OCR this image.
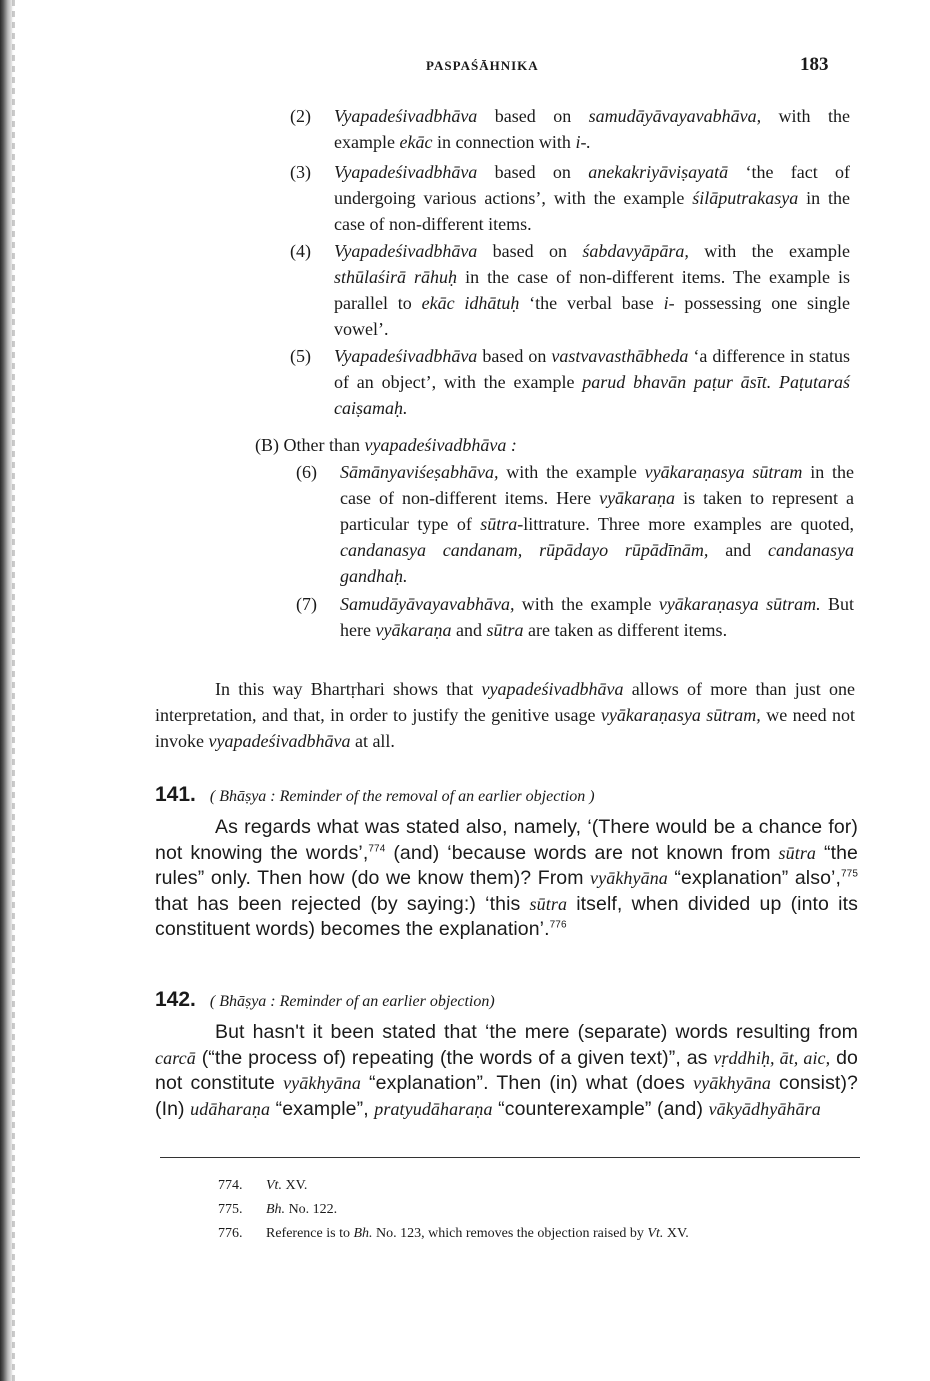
PASPAŚĀHNIKA	183
(2)	Vyapadeśivadbhāva based on samudāyāvayavabhāva, with the example ekāc in connection with i-.
(3)	Vyapadeśivadbhāva based on anekakriyāviṣayatā ‘the fact of undergoing various actions’, with the example śilāputrakasya in the case of non-different items.
(4)	Vyapadeśivadbhāva based on śabdavyāpāra, with the example sthūlaśirā rāhuḥ in the case of non-different items. The example is parallel to ekāc idhātuḥ ‘the verbal base i- possessing one single vowel’.
(5)	Vyapadeśivadbhāva based on vastvavasthābheda ‘a difference in status of an object’, with the example parud bhavān paṭur āsīt. Paṭutaraś caiṣamaḥ.
(B) Other than vyapadeśivadbhāva :
(6)	Sāmānyaviśeṣabhāva, with the example vyākaraṇasya sūtram in the case of non-different items. Here vyākaraṇa is taken to represent a particular type of sūtra-littrature. Three more examples are quoted, candanasya candanam, rūpādayo rūpādīnām, and candanasya gandhaḥ.
(7)	Samudāyāvayavabhāva, with the example vyākaraṇasya sūtram. But here vyākaraṇa and sūtra are taken as different items.
In this way Bhartṛhari shows that vyapadeśivadbhāva allows of more than just one interpretation, and that, in order to justify the genitive usage vyākaraṇasya sūtram, we need not invoke vyapadeśivadbhāva at all.
141. ( Bhāṣya : Reminder of the removal of an earlier objection )
As regards what was stated also, namely, ‘(There would be a chance for) not knowing the words’,$^{774}$ (and) ‘because words are not known from sūtra “the rules” only. Then how (do we know them)? From vyākhyāna “explanation” also’,$^{775}$ that has been rejected (by saying:) ‘this sūtra itself, when divided up (into its constituent words) becomes the explanation’.$^{776}$
142. ( Bhāṣya : Reminder of an earlier objection)
But hasn't it been stated that ‘the mere (separate) words resulting from carcā (“the process of) repeating (the words of a given text)”, as vṛddhiḥ, āt, aic, do not constitute vyākhyāna “explanation”. Then (in) what (does vyākhyāna consist)? (In) udāharaṇa “example”, pratyudāharaṇa “counterexample” (and) vākyādhyāhāra
774. Vt. XV.
775. Bh. No. 122.
776. Reference is to Bh. No. 123, which removes the objection raised by Vt. XV.
